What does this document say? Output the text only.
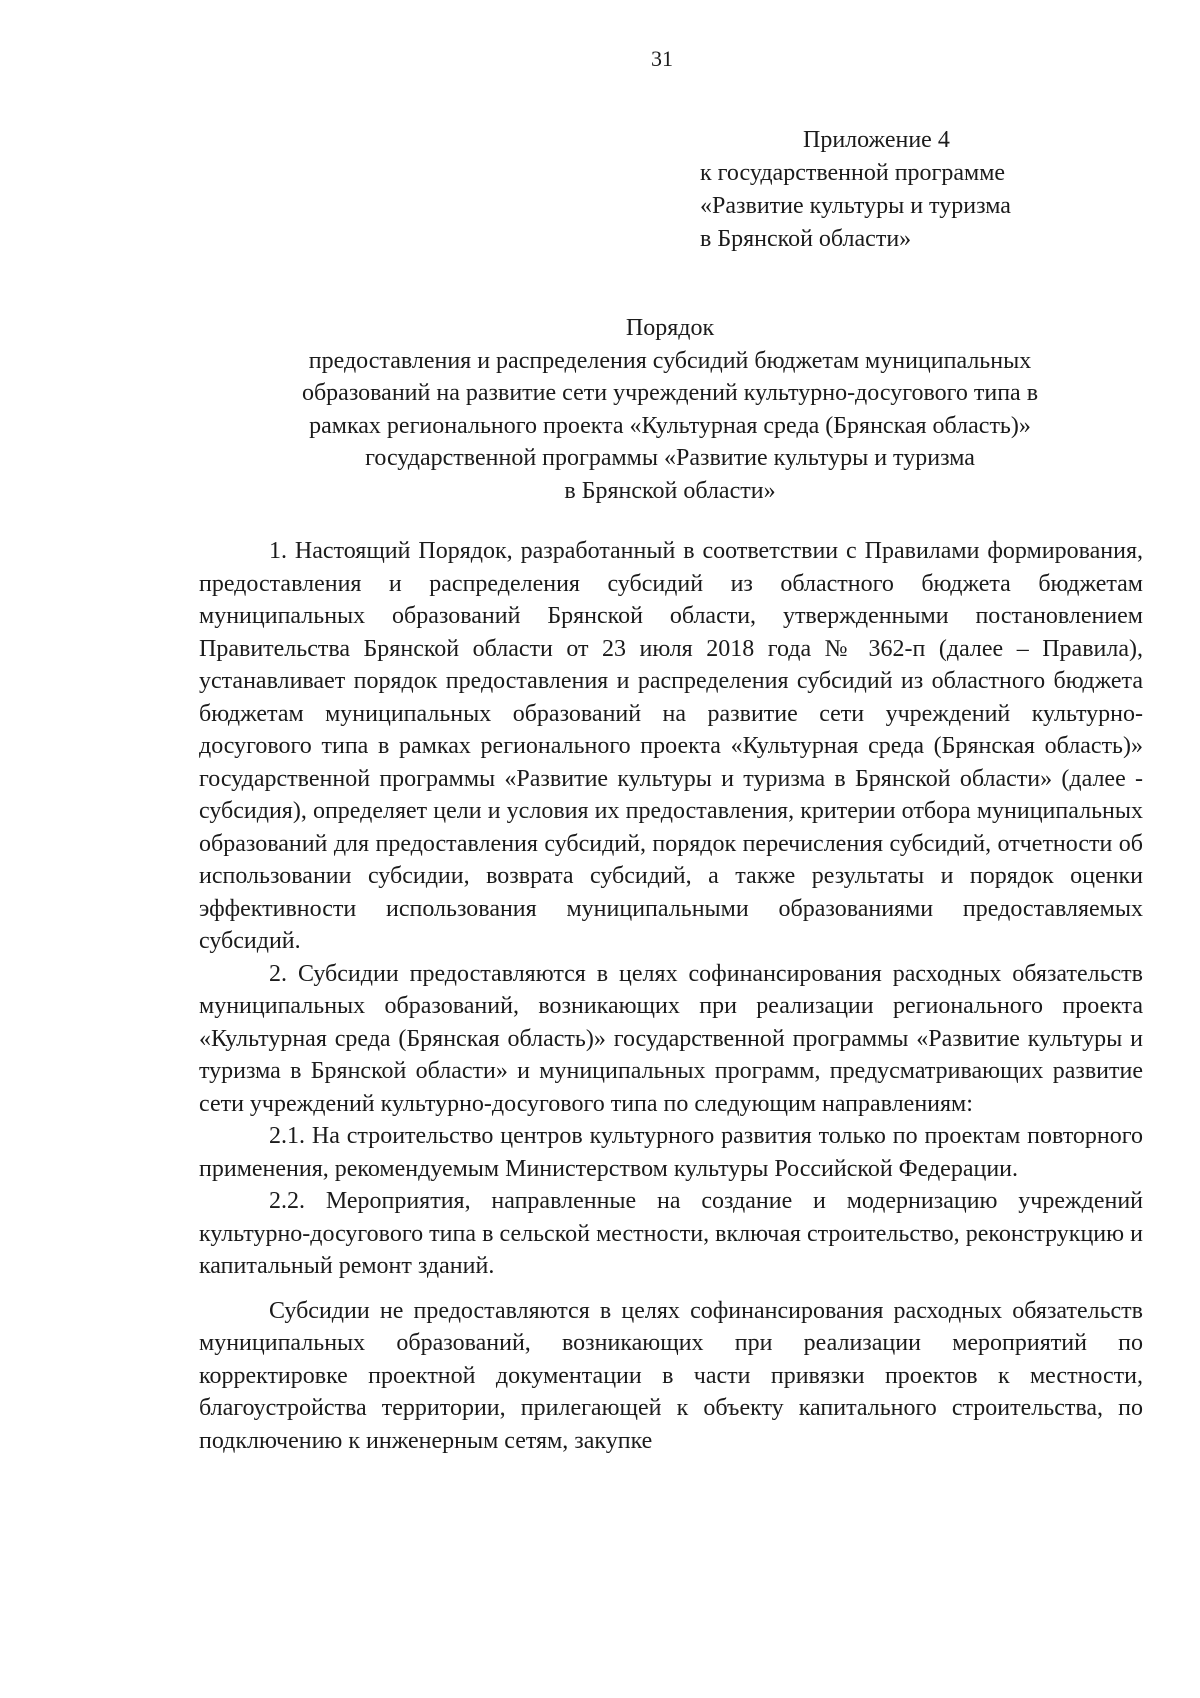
31
Приложение 4
к государственной программе
«Развитие культуры и туризма
в Брянской области»
Порядок
предоставления и распределения субсидий бюджетам муниципальных
образований на развитие сети учреждений культурно-досугового типа в
рамках регионального проекта «Культурная среда (Брянская область)»
государственной программы «Развитие культуры и туризма
в Брянской области»

1. Настоящий Порядок, разработанный в соответствии с Правилами формирования, предоставления и распределения субсидий из областного бюджета бюджетам муниципальных образований Брянской области, утвержденными постановлением Правительства Брянской области от 23 июля 2018 года № 362-п (далее – Правила), устанавливает порядок предоставления и распределения субсидий из областного бюджета бюджетам муниципальных образований на развитие сети учреждений культурно-досугового типа в рамках регионального проекта «Культурная среда (Брянская область)» государственной программы «Развитие культуры и туризма в Брянской области» (далее - субсидия), определяет цели и условия их предоставления, критерии отбора муниципальных образований для предоставления субсидий, порядок перечисления субсидий, отчетности об использовании субсидии, возврата субсидий, а также результаты и порядок оценки эффективности использования муниципальными образованиями предоставляемых субсидий.

2. Субсидии предоставляются в целях софинансирования расходных обязательств муниципальных образований, возникающих при реализации регионального проекта «Культурная среда (Брянская область)» государственной программы «Развитие культуры и туризма в Брянской области» и муниципальных программ, предусматривающих развитие сети учреждений культурно-досугового типа по следующим направлениям:

2.1. На строительство центров культурного развития только по проектам повторного применения, рекомендуемым Министерством культуры Российской Федерации.

2.2. Мероприятия, направленные на создание и модернизацию учреждений культурно-досугового типа в сельской местности, включая строительство, реконструкцию и капитальный ремонт зданий.

Субсидии не предоставляются в целях софинансирования расходных обязательств муниципальных образований, возникающих при реализации мероприятий по корректировке проектной документации в части привязки проектов к местности, благоустройства территории, прилегающей к объекту капитального строительства, по подключению к инженерным сетям, закупке
